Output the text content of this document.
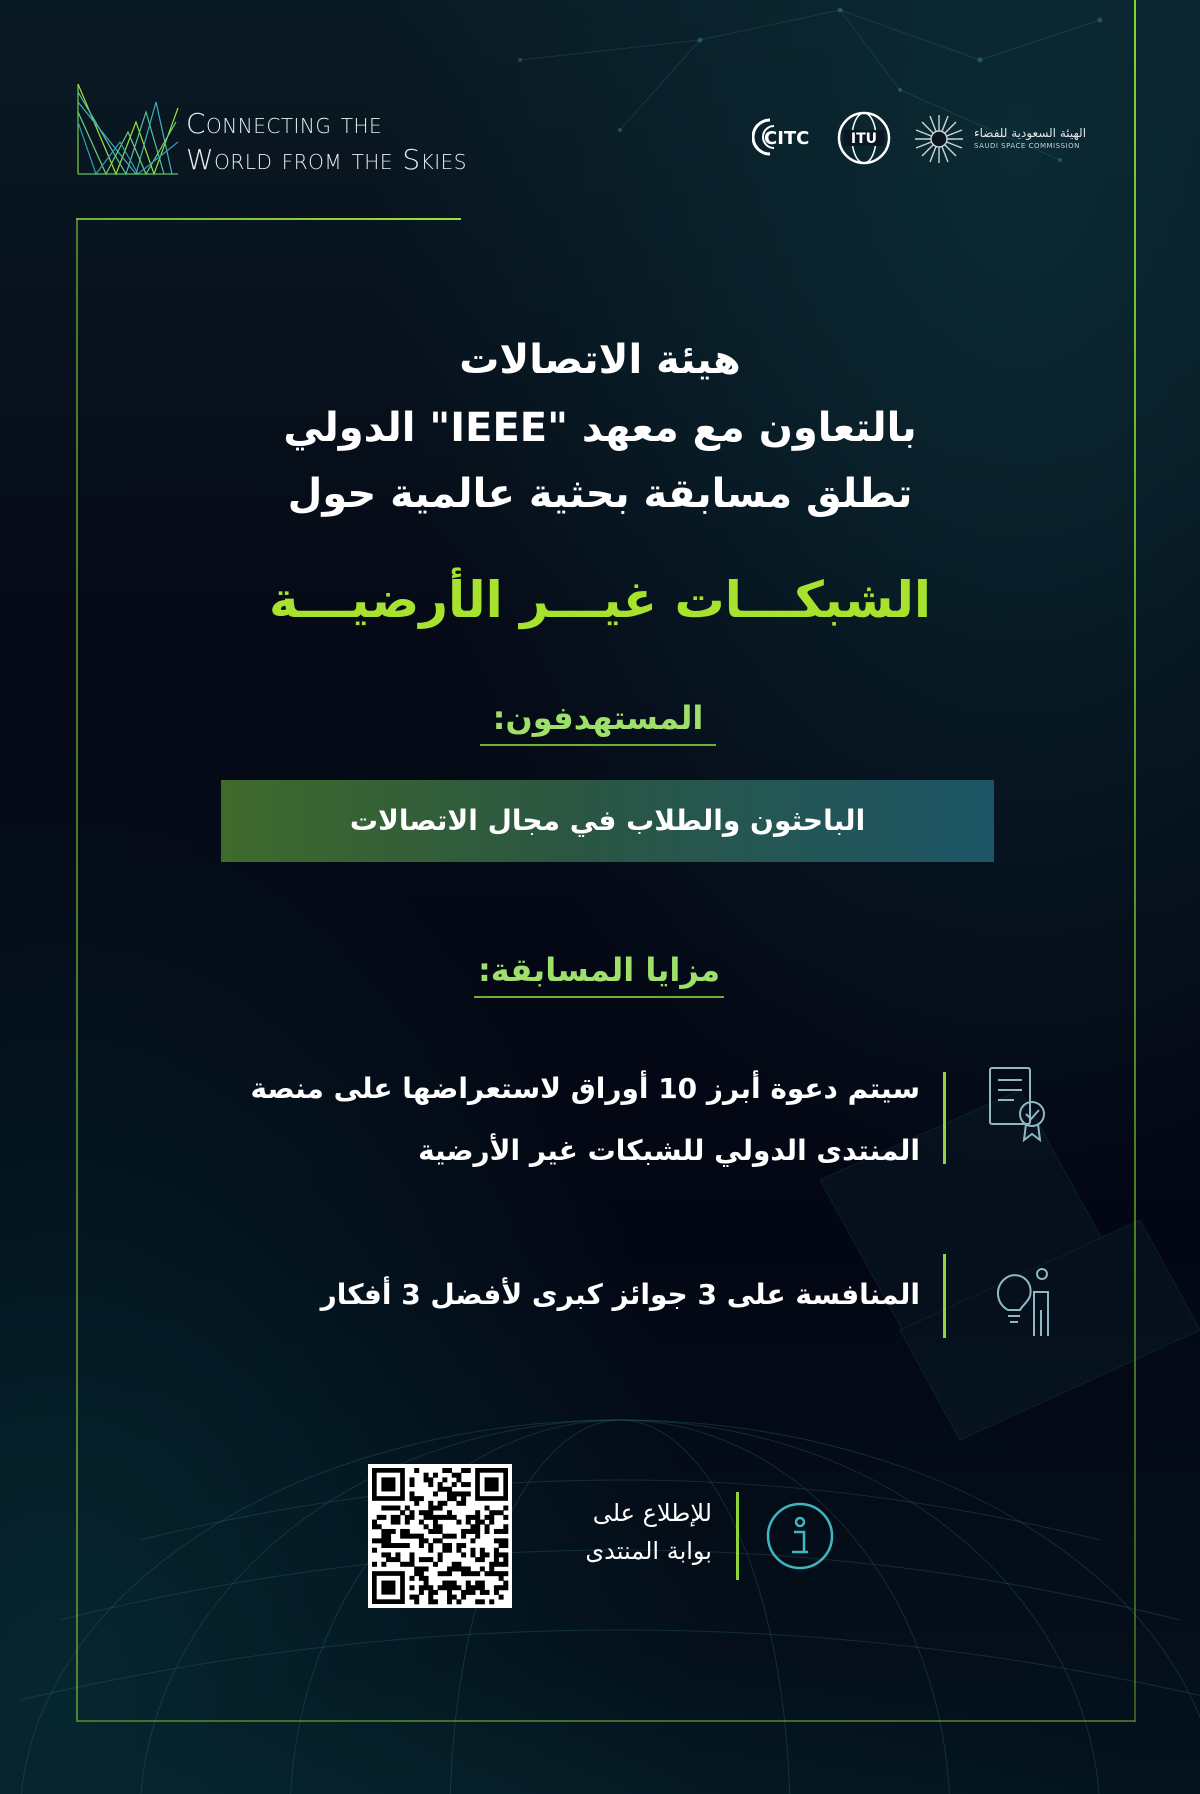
Connecting the
World from the Skies
CITC	ITU	الهيئة السعودية للفضاء
SAUDI SPACE COMMISSION
هيئة الاتصالات
بالتعاون مع معهد "IEEE" الدولي
تطلق مسابقة بحثية عالمية حول
الشبكـــات غيـــر الأرضيـــة
المستهدفون:
الباحثون والطلاب في مجال الاتصالات
مزايا المسابقة:
سيتم دعوة أبرز 10 أوراق لاستعراضها على منصة
المنتدى الدولي للشبكات غير الأرضية
المنافسة على 3 جوائز كبرى لأفضل 3 أفكار
للإطلاع على
بوابة المنتدى
